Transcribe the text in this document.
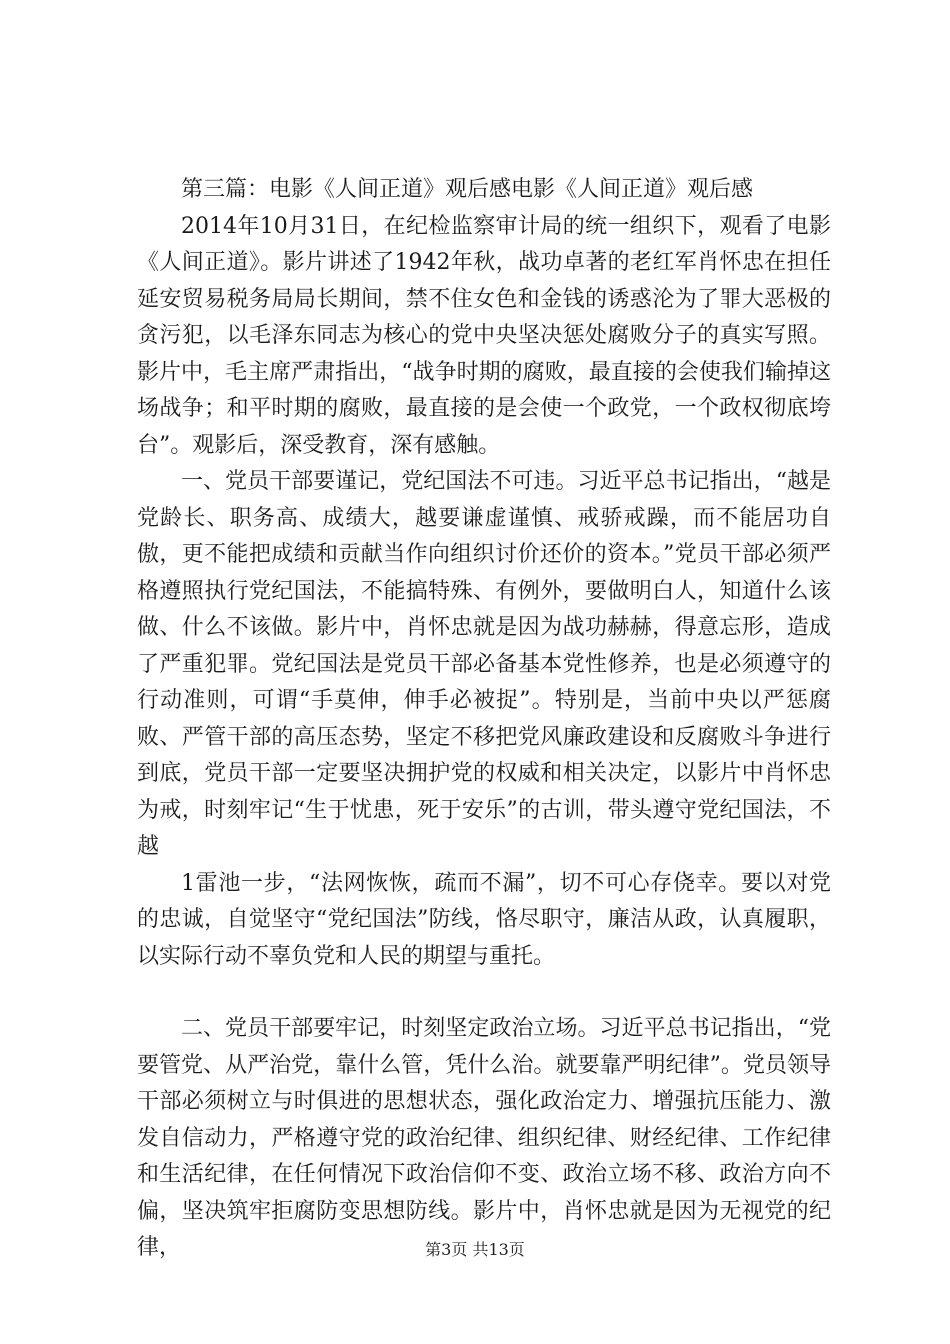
第三篇：电影《人间正道》观后感电影《人间正道》观后感

2014年10月31日，在纪检监察审计局的统一组织下，观看了电影《人间正道》。影片讲述了1942年秋，战功卓著的老红军肖怀忠在担任延安贸易税务局局长期间，禁不住女色和金钱的诱惑沦为了罪大恶极的贪污犯，以毛泽东同志为核心的党中央坚决惩处腐败分子的真实写照。影片中，毛主席严肃指出，“战争时期的腐败，最直接的会使我们输掉这场战争；和平时期的腐败，最直接的是会使一个政党，一个政权彻底垮台”。观影后，深受教育，深有感触。

一、党员干部要谨记，党纪国法不可违。习近平总书记指出，“越是党龄长、职务高、成绩大，越要谦虚谨慎、戒骄戒躁，而不能居功自傲，更不能把成绩和贡献当作向组织讨价还价的资本。”党员干部必须严格遵照执行党纪国法，不能搞特殊、有例外，要做明白人，知道什么该做、什么不该做。影片中，肖怀忠就是因为战功赫赫，得意忘形，造成了严重犯罪。党纪国法是党员干部必备基本党性修养，也是必须遵守的行动准则，可谓“手莫伸，伸手必被捉”。特别是，当前中央以严惩腐败、严管干部的高压态势，坚定不移把党风廉政建设和反腐败斗争进行到底，党员干部一定要坚决拥护党的权威和相关决定，以影片中肖怀忠为戒，时刻牢记“生于忧患，死于安乐”的古训，带头遵守党纪国法，不越

1雷池一步，“法网恢恢，疏而不漏”，切不可心存侥幸。要以对党的忠诚，自觉坚守“党纪国法”防线，恪尽职守，廉洁从政，认真履职，以实际行动不辜负党和人民的期望与重托。

二、党员干部要牢记，时刻坚定政治立场。习近平总书记指出，“党要管党、从严治党，靠什么管，凭什么治。就要靠严明纪律”。党员领导干部必须树立与时俱进的思想状态，强化政治定力、增强抗压能力、激发自信动力，严格遵守党的政治纪律、组织纪律、财经纪律、工作纪律和生活纪律，在任何情况下政治信仰不变、政治立场不移、政治方向不偏，坚决筑牢拒腐防变思想防线。影片中，肖怀忠就是因为无视党的纪律，	第3页 共13页
